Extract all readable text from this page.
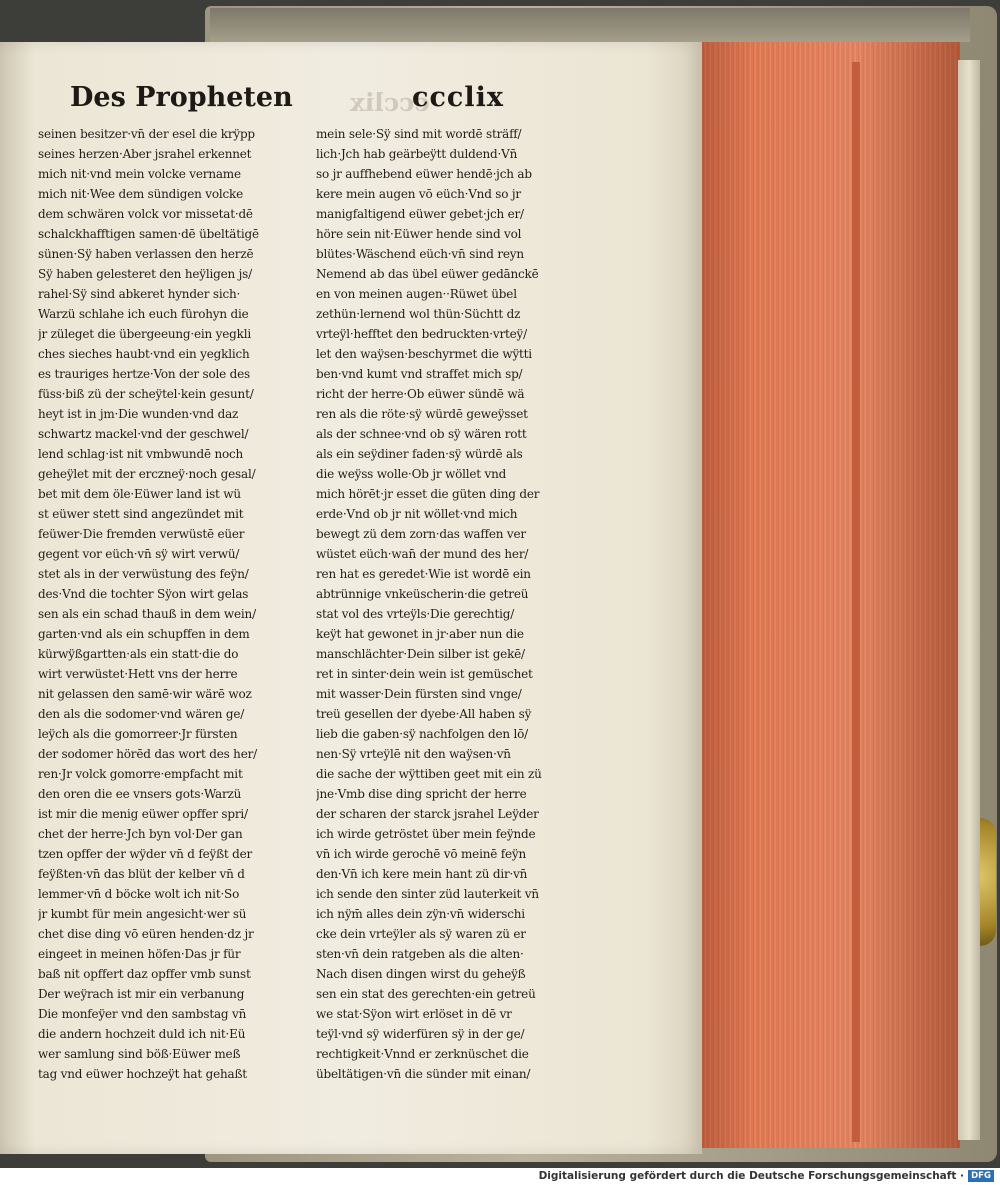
ccclix
Des Propheten	ccclix
seinen besitzer·vn̄ der esel die krÿpp
seines herzen·Aber jsrahel erkennet
mich nit·vnd mein volcke vername
mich nit·Wee dem sündigen volcke
dem schwären volck vor missetat·dē
schalckhafftigen samen·dē übeltätigē
sünen·Sÿ haben verlassen den herzē
Sÿ haben gelesteret den heÿligen js/
rahel·Sÿ sind abkeret hynder sich·
Warzü schlahe ich euch fürohyn die
jr züleget die übergeeung·ein yegkli
ches sieches haubt·vnd ein yegklich
es trauriges hertze·Von der sole des
füss·biß zü der scheÿtel·kein gesunt/
heyt ist in jm·Die wunden·vnd daz
schwartz mackel·vnd der geschwel/
lend schlag·ist nit vmbwundē noch
geheÿlet mit der erczneÿ·noch gesal/
bet mit dem öle·Eüwer land ist wü
st eüwer stett sind angezündet mit
feüwer·Die fremden verwüstē eüer
gegent vor eüch·vn̄ sÿ wirt verwü/
stet als in der verwüstung des feÿn/
des·Vnd die tochter Sÿon wirt gelas
sen als ein schad thauß in dem wein/
garten·vnd als ein schupffen in dem
kürwÿßgartten·als ein statt·die do
wirt verwüstet·Hett vns der herre
nit gelassen den samē·wir wärē woz
den als die sodomer·vnd wären ge/
leÿch als die gomorreer·Jr fürsten
der sodomer hörēd das wort des her/
ren·Jr volck gomorre·empfacht mit
den oren die ee vnsers gots·Warzü
ist mir die menig eüwer opffer spri/
chet der herre·Jch byn vol·Der gan
tzen opffer der wÿder vn̄ d feÿßt der
feÿßten·vn̄ das blüt der kelber vn̄ d
lemmer·vn̄ d böcke wolt ich nit·So
jr kumbt für mein angesicht·wer sü
chet dise ding vō eüren henden·dz jr
eingeet in meinen höfen·Das jr für
baß nit opffert daz opffer vmb sunst
Der weÿrach ist mir ein verbanung
Die monfeÿer vnd den sambstag vn̄
die andern hochzeit duld ich nit·Eü
wer samlung sind böß·Eüwer meß
tag vnd eüwer hochzeÿt hat gehaßt
mein sele·Sÿ sind mit wordē sträff/
lich·Jch hab geärbeÿtt duldend·Vn̄
so jr auffhebend eüwer hendē·jch ab
kere mein augen vō eüch·Vnd so jr
manigfaltigend eüwer gebet·jch er/
höre sein nit·Eüwer hende sind vol
blütes·Wäschend eüch·vn̄ sind reyn
Nemend ab das übel eüwer gedānckē
en von meinen augen··Rüwet übel
zethün·lernend wol thün·Süchtt dz
vrteÿl·hefftet den bedruckten·vrteÿ/
let den waÿsen·beschyrmet die wÿtti
ben·vnd kumt vnd straffet mich sp/
richt der herre·Ob eüwer sündē wä
ren als die röte·sÿ würdē geweÿsset
als der schnee·vnd ob sÿ wären rott
als ein seÿdiner faden·sÿ würdē als
die weÿss wolle·Ob jr wöllet vnd
mich hörēt·jr esset die güten ding der
erde·Vnd ob jr nit wöllet·vnd mich
bewegt zü dem zorn·das waffen ver
wüstet eüch·wan̄ der mund des her/
ren hat es geredet·Wie ist wordē ein
abtrünnige vnkeüscherin·die getreü
stat vol des vrteÿls·Die gerechtig/
keÿt hat gewonet in jr·aber nun die
manschlächter·Dein silber ist gekē/
ret in sinter·dein wein ist gemüschet
mit wasser·Dein fürsten sind vnge/
treü gesellen der dyebe·All haben sÿ
lieb die gaben·sÿ nachfolgen den lō/
nen·Sÿ vrteÿlē nit den waÿsen·vn̄
die sache der wÿttiben geet mit ein zü
jne·Vmb dise ding spricht der herre
der scharen der starck jsrahel Leÿder
ich wirde getröstet über mein feÿnde
vn̄ ich wirde gerochē vō meinē feÿn
den·Vn̄ ich kere mein hant zü dir·vn̄
ich sende den sinter züd lauterkeit vn̄
ich nÿm̄ alles dein zÿn·vn̄ widerschi
cke dein vrteÿler als sÿ waren zü er
sten·vn̄ dein ratgeben als die alten·
Nach disen dingen wirst du geheÿß
sen ein stat des gerechten·ein getreü
we stat·Sÿon wirt erlöset in dē vr
teÿl·vnd sÿ widerfüren sÿ in der ge/
rechtigkeit·Vnnd er zerknüschet die
übeltätigen·vn̄ die sünder mit einan/
Digitalisierung gefördert durch die Deutsche Forschungsgemeinschaft · DFG
